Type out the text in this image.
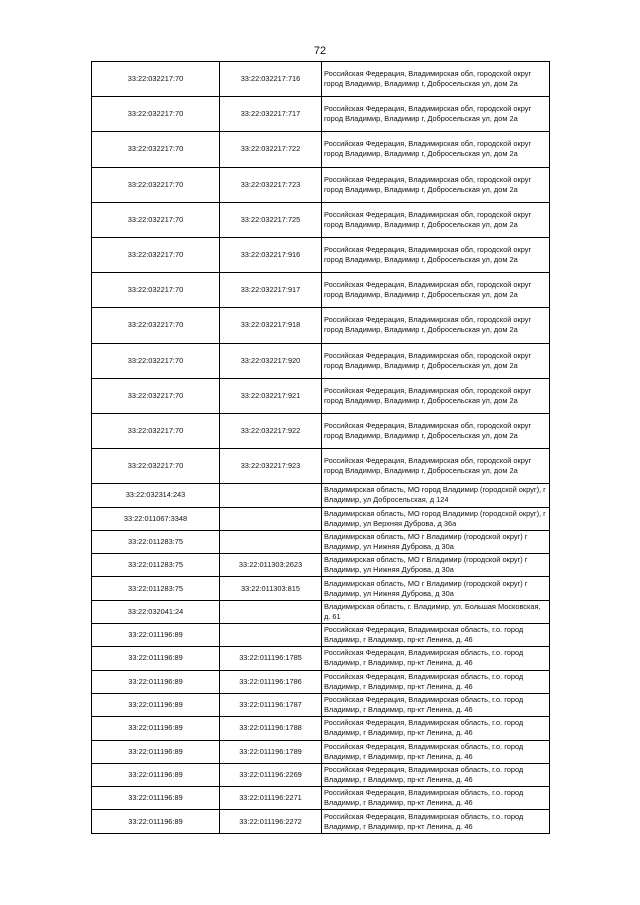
72
33:22:032217:70	33:22:032217:716	Российская Федерация, Владимирская обл, городской округ город Владимир, Владимир г, Добросельская ул, дом 2а
33:22:032217:70	33:22:032217:717	Российская Федерация, Владимирская обл, городской округ город Владимир, Владимир г, Добросельская ул, дом 2а
33:22:032217:70	33:22:032217:722	Российская Федерация, Владимирская обл, городской округ город Владимир, Владимир г, Добросельская ул, дом 2а
33:22:032217:70	33:22:032217:723	Российская Федерация, Владимирская обл, городской округ город Владимир, Владимир г, Добросельская ул, дом 2а
33:22:032217:70	33:22:032217:725	Российская Федерация, Владимирская обл, городской округ город Владимир, Владимир г, Добросельская ул, дом 2а
33:22:032217:70	33:22:032217:916	Российская Федерация, Владимирская обл, городской округ город Владимир, Владимир г, Добросельская ул, дом 2а
33:22:032217:70	33:22:032217:917	Российская Федерация, Владимирская обл, городской округ город Владимир, Владимир г, Добросельская ул, дом 2а
33:22:032217:70	33:22:032217:918	Российская Федерация, Владимирская обл, городской округ город Владимир, Владимир г, Добросельская ул, дом 2а
33:22:032217:70	33:22:032217:920	Российская Федерация, Владимирская обл, городской округ город Владимир, Владимир г, Добросельская ул, дом 2а
33:22:032217:70	33:22:032217:921	Российская Федерация, Владимирская обл, городской округ город Владимир, Владимир г, Добросельская ул, дом 2а
33:22:032217:70	33:22:032217:922	Российская Федерация, Владимирская обл, городской округ город Владимир, Владимир г, Добросельская ул, дом 2а
33:22:032217:70	33:22:032217:923	Российская Федерация, Владимирская обл, городской округ город Владимир, Владимир г, Добросельская ул, дом 2а
33:22:032314:243		Владимирская область, МО город Владимир (городской округ), г Владимир, ул Добросельская, д 124
33:22:011067:3348		Владимирская область, МО город Владимир (городской округ), г Владимир, ул Верхняя Дуброва, д 36а
33:22:011283:75		Владимирская область, МО г Владимир (городской округ) г Владимир, ул Нижняя Дуброва, д 30а
33:22:011283:75	33:22:011303:2623	Владимирская область, МО г Владимир (городской округ) г Владимир, ул Нижняя Дуброва, д 30а
33:22:011283:75	33:22:011303:815	Владимирская область, МО г Владимир (городской округ) г Владимир, ул Нижняя Дуброва, д 30а
33:22:032041:24		Владимирская область, г. Владимир, ул. Большая Московская, д. 61
33:22:011196:89		Российская Федерация, Владимирская область, г.о. город Владимир, г Владимир, пр-кт Ленина, д. 46
33:22:011196:89	33:22:011196:1785	Российская Федерация, Владимирская область, г.о. город Владимир, г Владимир, пр-кт Ленина, д. 46
33:22:011196:89	33:22:011196:1786	Российская Федерация, Владимирская область, г.о. город Владимир, г Владимир, пр-кт Ленина, д. 46
33:22:011196:89	33:22:011196:1787	Российская Федерация, Владимирская область, г.о. город Владимир, г Владимир, пр-кт Ленина, д. 46
33:22:011196:89	33:22:011196:1788	Российская Федерация, Владимирская область, г.о. город Владимир, г Владимир, пр-кт Ленина, д. 46
33:22:011196:89	33:22:011196:1789	Российская Федерация, Владимирская область, г.о. город Владимир, г Владимир, пр-кт Ленина, д. 46
33:22:011196:89	33:22:011196:2269	Российская Федерация, Владимирская область, г.о. город Владимир, г Владимир, пр-кт Ленина, д. 46
33:22:011196:89	33:22:011196:2271	Российская Федерация, Владимирская область, г.о. город Владимир, г Владимир, пр-кт Ленина, д. 46
33:22:011196:89	33:22:011196:2272	Российская Федерация, Владимирская область, г.о. город Владимир, г Владимир, пр-кт Ленина, д. 46
